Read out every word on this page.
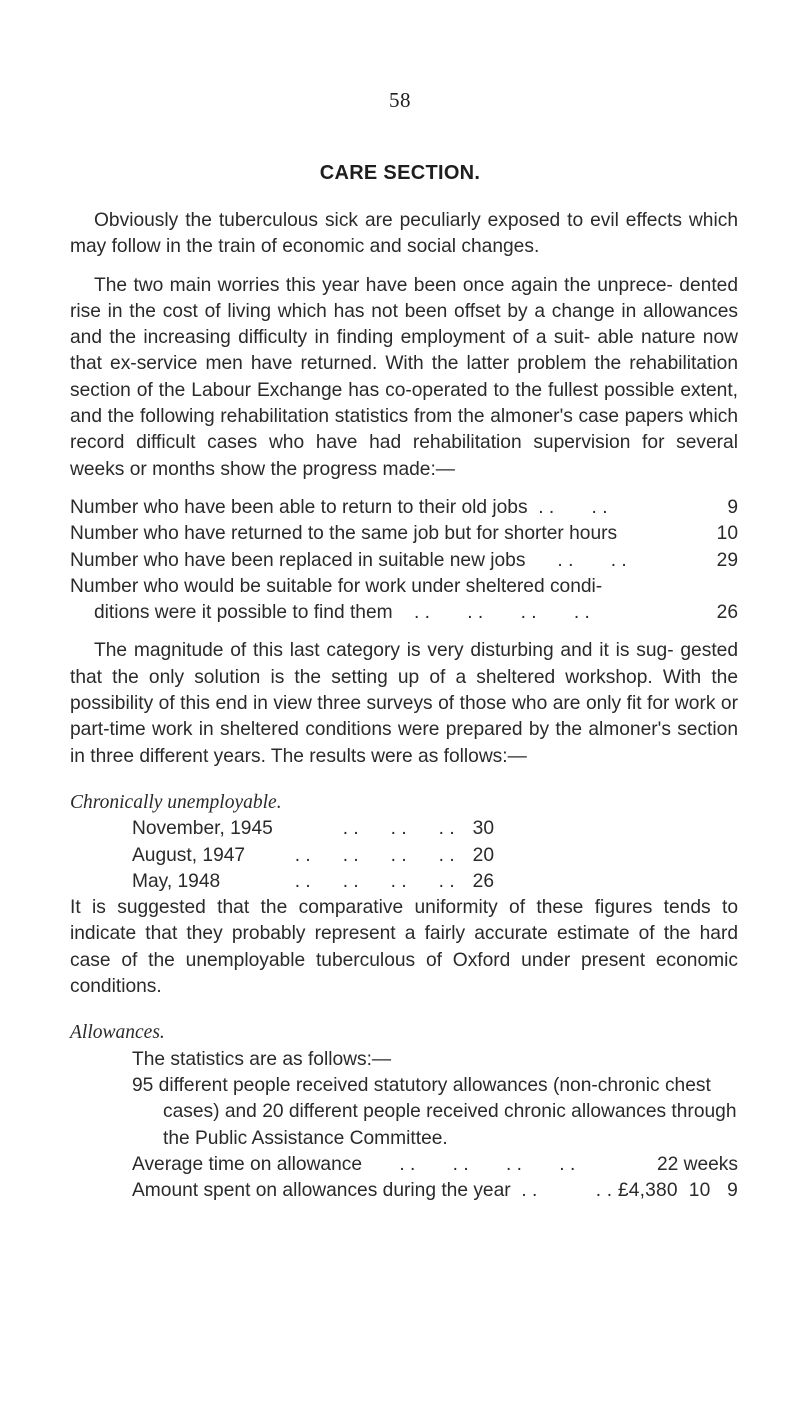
58
CARE SECTION.

Obviously the tuberculous sick are peculiarly exposed to evil effects which may follow in the train of economic and social changes.

The two main worries this year have been once again the unprece- dented rise in the cost of living which has not been offset by a change in allowances and the increasing difficulty in finding employment of a suit- able nature now that ex-service men have returned. With the latter problem the rehabilitation section of the Labour Exchange has co-operated to the fullest possible extent, and the following rehabilitation statistics from the almoner's case papers which record difficult cases who have had rehabilitation supervision for several weeks or months show the progress made:—

Number who have been able to return to their old jobs  . .       . .	9
Number who have returned to the same job but for shorter hours	10
Number who have been replaced in suitable new jobs      . .       . .	29
Number who would be suitable for work under sheltered condi-
ditions were it possible to find them    . .       . .       . .       . .	26

The magnitude of this last category is very disturbing and it is sug- gested that the only solution is the setting up of a sheltered workshop. With the possibility of this end in view three surveys of those who are only fit for work or part-time work in sheltered conditions were prepared by the almoner's section in three different years. The results were as follows:—

Chronically unemployable.
November, 1945	. .      . .      . . 30
August, 1947	. .      . .      . .      . . 20
May, 1948	. .      . .      . .      . . 26

It is suggested that the comparative uniformity of these figures tends to indicate that they probably represent a fairly accurate estimate of the hard case of the unemployable tuberculous of Oxford under present economic conditions.

Allowances.
The statistics are as follows:—
95 different people received statutory allowances (non-chronic chest
cases) and 20 different people received chronic allowances through
the Public Assistance Committee.
Average time on allowance       . .       . .       . .       . .	22 weeks
Amount spent on allowances during the year  . .	. . £4,380  10   9
